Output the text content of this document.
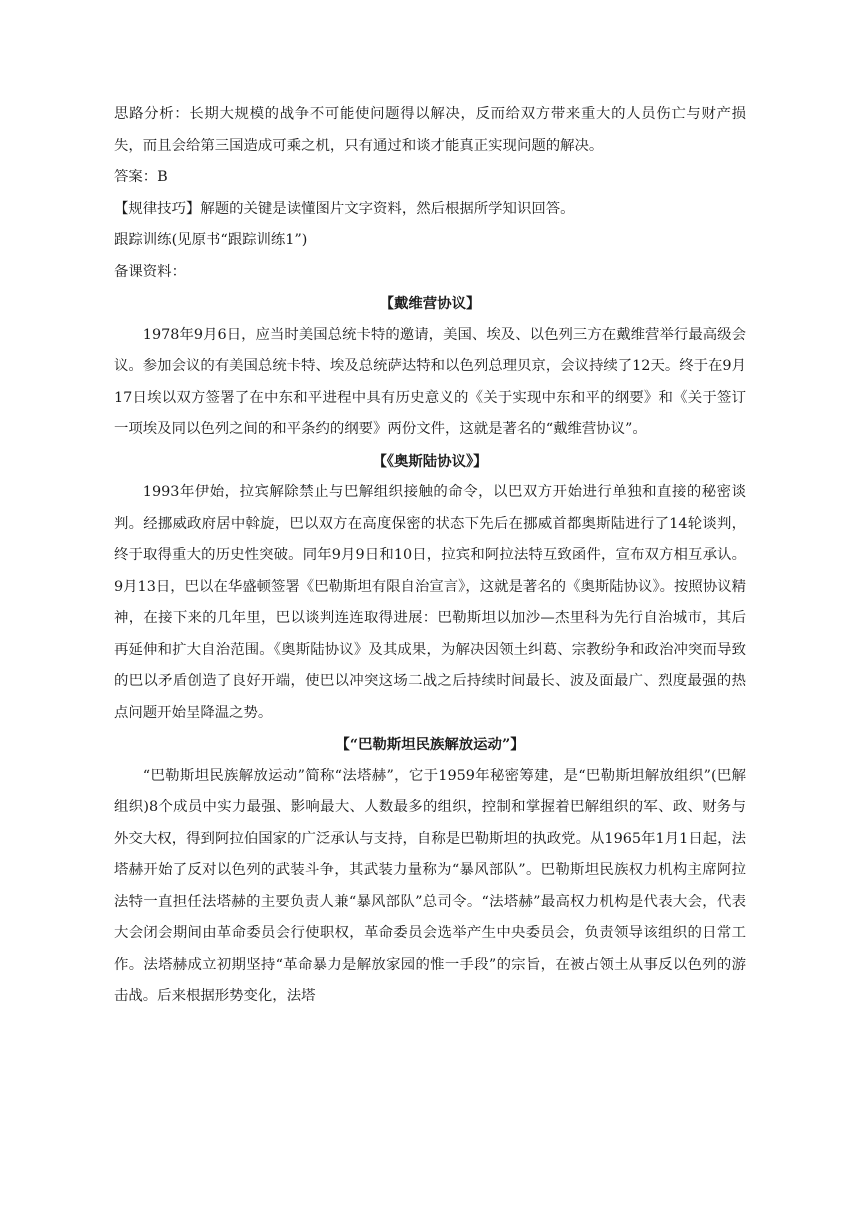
思路分析：长期大规模的战争不可能使问题得以解决，反而给双方带来重大的人员伤亡与财产损失，而且会给第三国造成可乘之机，只有通过和谈才能真正实现问题的解决。

答案：B

【规律技巧】解题的关键是读懂图片文字资料，然后根据所学知识回答。

跟踪训练(见原书“跟踪训练1”)

备课资料：

【戴维营协议】

1978年9月6日，应当时美国总统卡特的邀请，美国、埃及、以色列三方在戴维营举行最高级会议。参加会议的有美国总统卡特、埃及总统萨达特和以色列总理贝京，会议持续了12天。终于在9月17日埃以双方签署了在中东和平进程中具有历史意义的《关于实现中东和平的纲要》和《关于签订一项埃及同以色列之间的和平条约的纲要》两份文件，这就是著名的“戴维营协议”。

【《奥斯陆协议》】

1993年伊始，拉宾解除禁止与巴解组织接触的命令，以巴双方开始进行单独和直接的秘密谈判。经挪威政府居中斡旋，巴以双方在高度保密的状态下先后在挪威首都奥斯陆进行了14轮谈判，终于取得重大的历史性突破。同年9月9日和10日，拉宾和阿拉法特互致函件，宣布双方相互承认。9月13日，巴以在华盛顿签署《巴勒斯坦有限自治宣言》，这就是著名的《奥斯陆协议》。按照协议精神，在接下来的几年里，巴以谈判连连取得进展：巴勒斯坦以加沙—杰里科为先行自治城市，其后再延伸和扩大自治范围。《奥斯陆协议》及其成果，为解决因领土纠葛、宗教纷争和政治冲突而导致的巴以矛盾创造了良好开端，使巴以冲突这场二战之后持续时间最长、波及面最广、烈度最强的热点问题开始呈降温之势。

【“巴勒斯坦民族解放运动”】

“巴勒斯坦民族解放运动”简称“法塔赫”，它于1959年秘密筹建，是“巴勒斯坦解放组织”(巴解组织)8个成员中实力最强、影响最大、人数最多的组织，控制和掌握着巴解组织的军、政、财务与外交大权，得到阿拉伯国家的广泛承认与支持，自称是巴勒斯坦的执政党。从1965年1月1日起，法塔赫开始了反对以色列的武装斗争，其武装力量称为“暴风部队”。巴勒斯坦民族权力机构主席阿拉法特一直担任法塔赫的主要负责人兼“暴风部队”总司令。“法塔赫”最高权力机构是代表大会，代表大会闭会期间由革命委员会行使职权，革命委员会选举产生中央委员会，负责领导该组织的日常工作。法塔赫成立初期坚持“革命暴力是解放家园的惟一手段”的宗旨，在被占领土从事反以色列的游击战。后来根据形势变化，法塔
